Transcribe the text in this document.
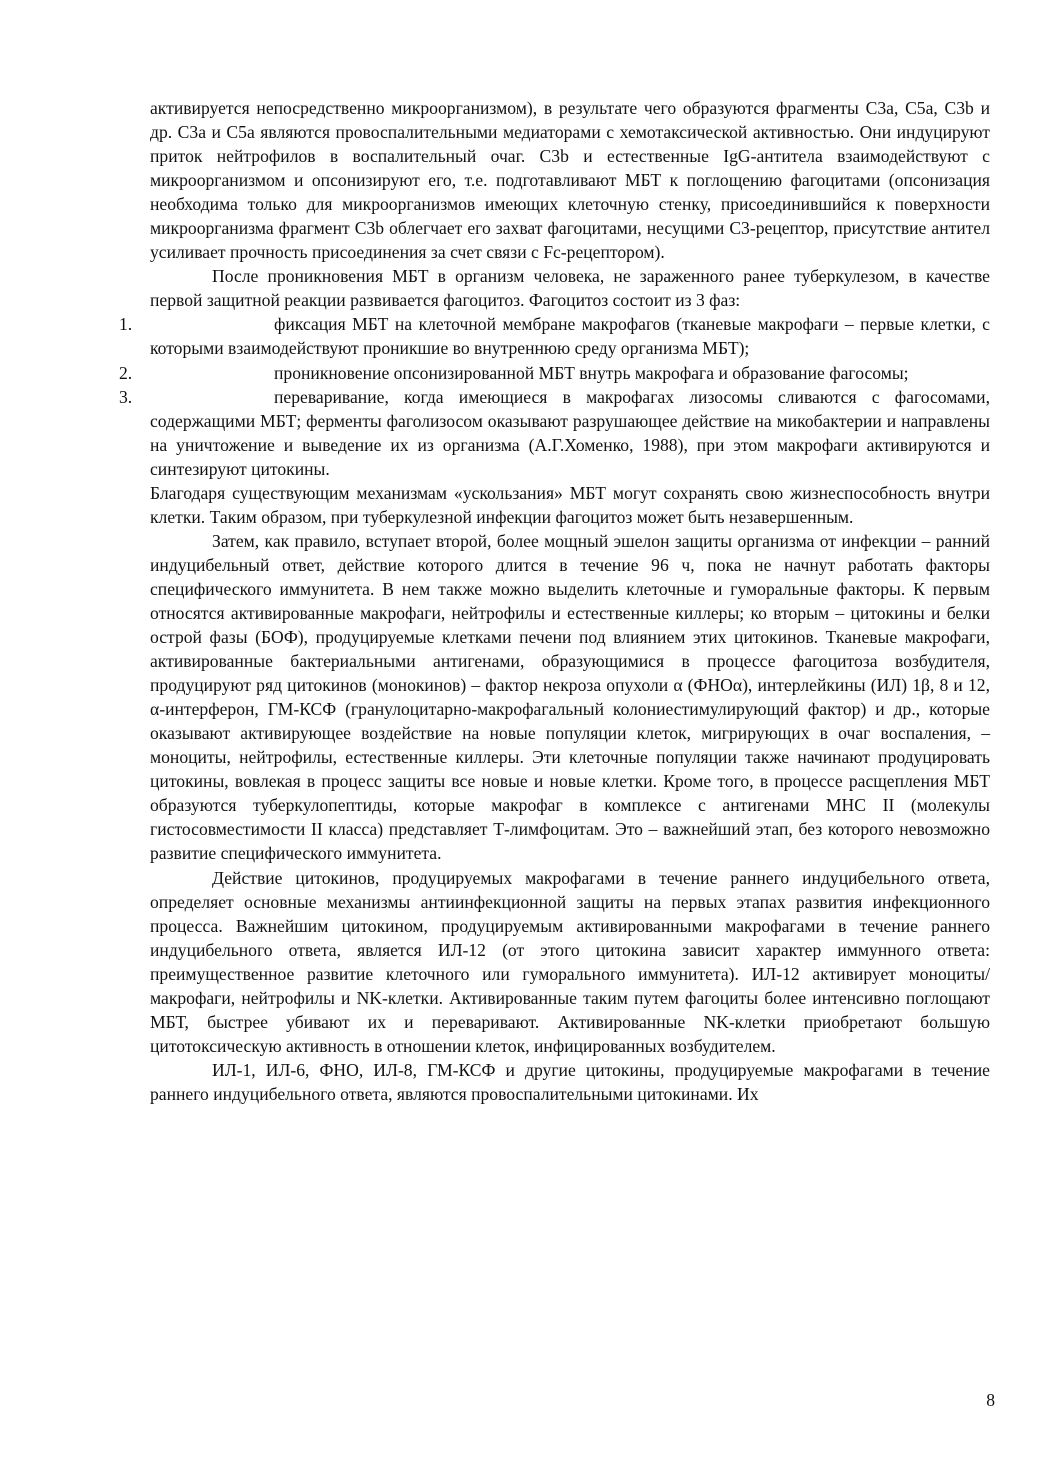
активируется непосредственно микроорганизмом), в результате чего образуются фрагменты С3а, С5а, С3b и др. С3а и С5а являются провоспалительными медиаторами с хемотаксической активностью. Они индуцируют приток нейтрофилов в воспалительный очаг. С3b и естественные IgG-антитела взаимодействуют с микроорганизмом и опсонизируют его, т.е. подготавливают МБТ к поглощению фагоцитами (опсонизация необходима только для микроорганизмов имеющих клеточную стенку, присоединившийся к поверхности микроорганизма фрагмент С3b облегчает его захват фагоцитами, несущими С3-рецептор, присутствие антител усиливает прочность присоединения за счет связи с Fc-рецептором).

После проникновения МБТ в организм человека, не зараженного ранее туберкулезом, в качестве первой защитной реакции развивается фагоцитоз. Фагоцитоз состоит из 3 фаз:

1.	фиксация МБТ на клеточной мембране макрофагов (тканевые макрофаги – первые клетки, с которыми взаимодействуют проникшие во внутреннюю среду организма МБТ);
2.	проникновение опсонизированной МБТ внутрь макрофага и образование фагосомы;
3.	переваривание, когда имеющиеся в макрофагах лизосомы сливаются с фагосомами, содержащими МБТ; ферменты фаголизосом оказывают разрушающее действие на микобактерии и направлены на уничтожение и выведение их из организма (А.Г.Хоменко, 1988), при этом макрофаги активируются и синтезируют цитокины.

Благодаря существующим механизмам «ускользания» МБТ могут сохранять свою жизнеспособность внутри клетки. Таким образом, при туберкулезной инфекции фагоцитоз может быть незавершенным.

Затем, как правило, вступает второй, более мощный эшелон защиты организма от инфекции – ранний индуцибельный ответ, действие которого длится в течение 96 ч, пока не начнут работать факторы специфического иммунитета. В нем также можно выделить клеточные и гуморальные факторы. К первым относятся активированные макрофаги, нейтрофилы и естественные киллеры; ко вторым – цитокины и белки острой фазы (БОФ), продуцируемые клетками печени под влиянием этих цитокинов. Тканевые макрофаги, активированные бактериальными антигенами, образующимися в процессе фагоцитоза возбудителя, продуцируют ряд цитокинов (монокинов) – фактор некроза опухоли α (ФНОα), интерлейкины (ИЛ) 1β, 8 и 12, α-интерферон, ГМ-КСФ (гранулоцитарно-макрофагальный колониестимулирующий фактор) и др., которые оказывают активирующее воздействие на новые популяции клеток, мигрирующих в очаг воспаления, – моноциты, нейтрофилы, естественные киллеры. Эти клеточные популяции также начинают продуцировать цитокины, вовлекая в процесс защиты все новые и новые клетки. Кроме того, в процессе расщепления МБТ образуются туберкулопептиды, которые макрофаг в комплексе с антигенами MHC II (молекулы гистосовместимости II класса) представляет Т-лимфоцитам. Это – важнейший этап, без которого невозможно развитие специфического иммунитета.

Действие цитокинов, продуцируемых макрофагами в течение раннего индуцибельного ответа, определяет основные механизмы антиинфекционной защиты на первых этапах развития инфекционного процесса. Важнейшим цитокином, продуцируемым активированными макрофагами в течение раннего индуцибельного ответа, является ИЛ-12 (от этого цитокина зависит характер иммунного ответа: преимущественное развитие клеточного или гуморального иммунитета). ИЛ-12 активирует моноциты/макрофаги, нейтрофилы и NK-клетки. Активированные таким путем фагоциты более интенсивно поглощают МБТ, быстрее убивают их и переваривают. Активированные NK-клетки приобретают большую цитотоксическую активность в отношении клеток, инфицированных возбудителем.

ИЛ-1, ИЛ-6, ФНО, ИЛ-8, ГМ-КСФ и другие цитокины, продуцируемые макрофагами в течение раннего индуцибельного ответа, являются провоспалительными цитокинами. Их

8
